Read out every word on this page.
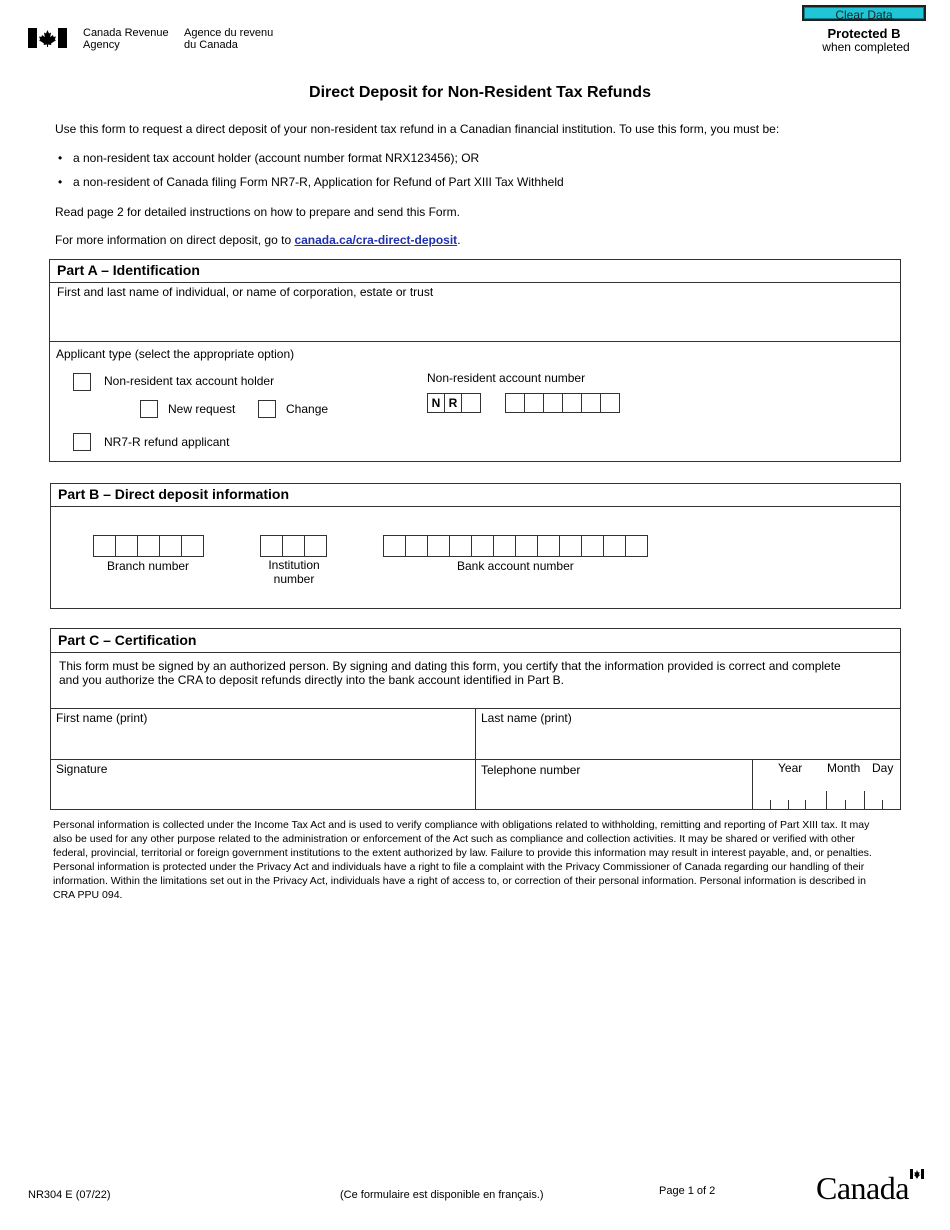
Canada Revenue
Agency
Agence du revenu
du Canada
Clear Data
Protected B
when completed
Direct Deposit for Non-Resident Tax Refunds
Use this form to request a direct deposit of your non-resident tax refund in a Canadian financial institution. To use this form, you must be:
• a non-resident tax account holder (account number format NRX123456); OR
• a non-resident of Canada filing Form NR7-R, Application for Refund of Part XIII Tax Withheld
Read page 2 for detailed instructions on how to prepare and send this Form.
For more information on direct deposit, go to canada.ca/cra-direct-deposit.
Part A – Identification
First and last name of individual, or name of corporation, estate or trust
Applicant type (select the appropriate option)
Non-resident tax account holder
New request	Change
NR7-R refund applicant
Non-resident account number
N R
Part B – Direct deposit information
Branch number	Institution
number
Bank account number
Part C – Certification
This form must be signed by an authorized person. By signing and dating this form, you certify that the information provided is correct and complete
and you authorize the CRA to deposit refunds directly into the bank account identified in Part B.
First name (print)	Last name (print)
Signature	Telephone number	Year Month Day
Personal information is collected under the Income Tax Act and is used to verify compliance with obligations related to withholding, remitting and reporting of Part XIII tax. It may
also be used for any other purpose related to the administration or enforcement of the Act such as compliance and collection activities. It may be shared or verified with other
federal, provincial, territorial or foreign government institutions to the extent authorized by law. Failure to provide this information may result in interest payable, and, or penalties.
Personal information is protected under the Privacy Act and individuals have a right to file a complaint with the Privacy Commissioner of Canada regarding our handling of their
information. Within the limitations set out in the Privacy Act, individuals have a right of access to, or correction of their personal information. Personal information is described in
CRA PPU 094.
NR304 E (07/22)	(Ce formulaire est disponible en français.)	Page 1 of 2	Canada
